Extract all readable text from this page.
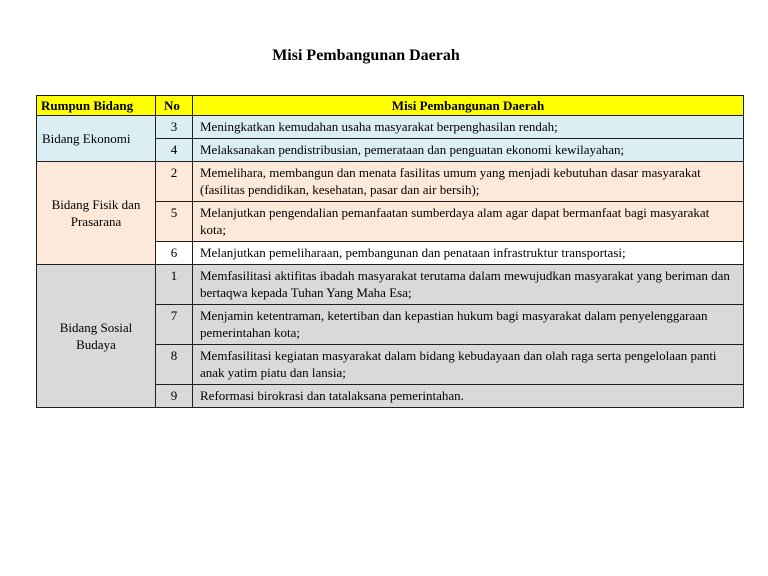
Misi Pembangunan Daerah
Rumpun Bidang	No	Misi Pembangunan Daerah
Bidang Ekonomi	3	Meningkatkan kemudahan usaha masyarakat berpenghasilan rendah;
	4	Melaksanakan pendistribusian, pemerataan dan penguatan ekonomi kewilayahan;
Bidang Fisik dan Prasarana	2	Memelihara, membangun dan menata fasilitas umum yang menjadi kebutuhan dasar masyarakat (fasilitas pendidikan, kesehatan, pasar dan air bersih);
	5	Melanjutkan pengendalian pemanfaatan sumberdaya alam agar dapat bermanfaat bagi masyarakat kota;
	6	Melanjutkan pemeliharaan, pembangunan dan penataan infrastruktur transportasi;
Bidang Sosial Budaya	1	Memfasilitasi aktifitas ibadah masyarakat terutama dalam mewujudkan masyarakat yang beriman dan bertaqwa kepada Tuhan Yang Maha Esa;
	7	Menjamin ketentraman, ketertiban dan kepastian hukum bagi masyarakat dalam penyelenggaraan pemerintahan kota;
	8	Memfasilitasi kegiatan masyarakat dalam bidang kebudayaan dan olah raga serta pengelolaan panti anak yatim piatu dan lansia;
	9	Reformasi birokrasi dan tatalaksana pemerintahan.
